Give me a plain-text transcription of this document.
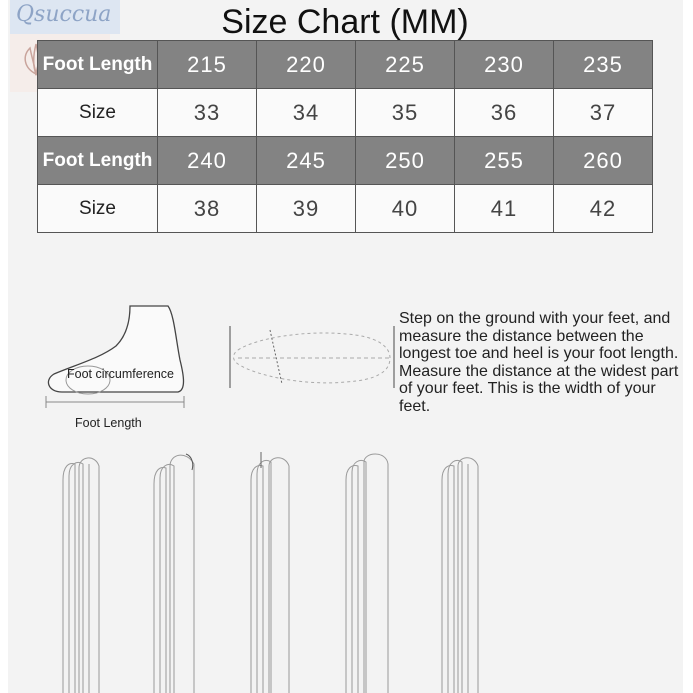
Qsuccua	Size Chart (MM)
Foot Length	215	220	225	230	235
Size	33	34	35	36	37
Foot Length	240	245	250	255	260
Size	38	39	40	41	42
Foot circumference
Foot Length
Step on the ground with your feet, and measure the distance between the longest toe and heel is your foot length. Measure the distance at the widest part of your feet. This is the width of your feet.
